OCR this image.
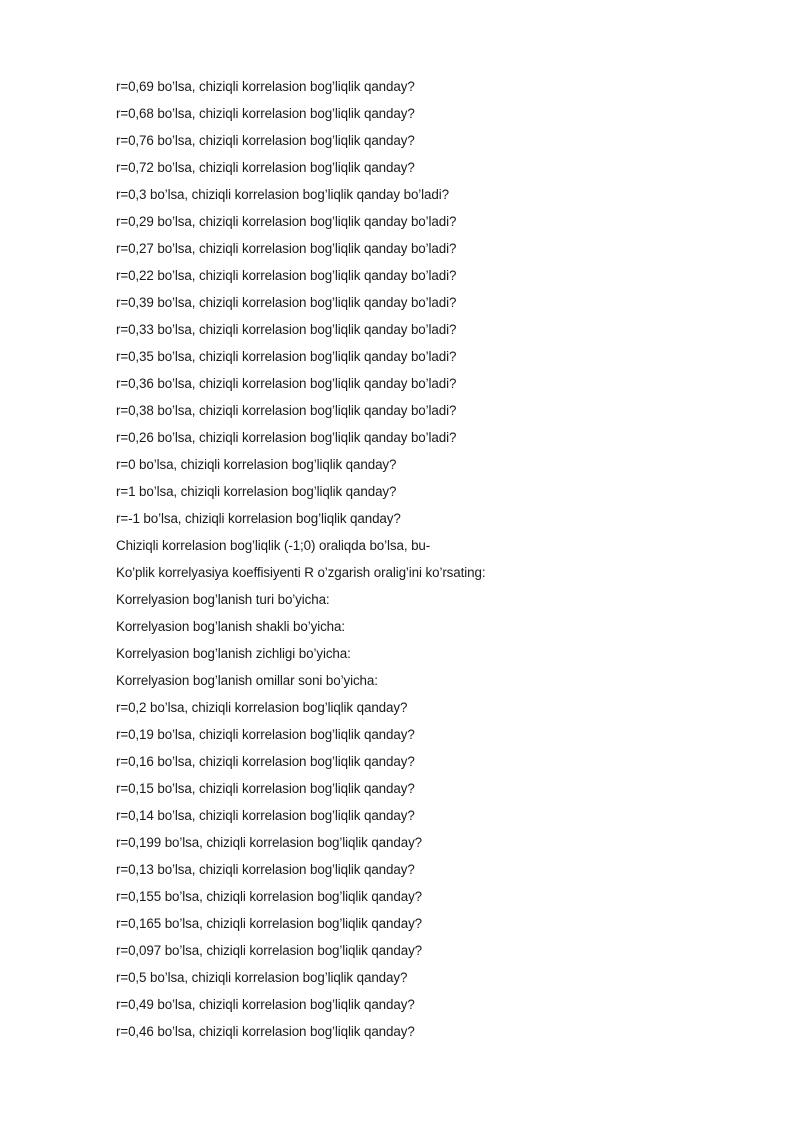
r=0,69 bo’lsa, chiziqli korrelasion bog’liqlik qanday?
r=0,68 bo’lsa, chiziqli korrelasion bog’liqlik qanday?
r=0,76 bo’lsa, chiziqli korrelasion bog’liqlik qanday?
r=0,72 bo’lsa, chiziqli korrelasion bog’liqlik qanday?
r=0,3 bo’lsa, chiziqli korrelasion bog’liqlik qanday bo’ladi?
r=0,29 bo’lsa, chiziqli korrelasion bog’liqlik qanday bo’ladi?
r=0,27 bo’lsa, chiziqli korrelasion bog’liqlik qanday bo’ladi?
r=0,22 bo’lsa, chiziqli korrelasion bog’liqlik qanday bo’ladi?
r=0,39 bo’lsa, chiziqli korrelasion bog’liqlik qanday bo’ladi?
r=0,33 bo’lsa, chiziqli korrelasion bog’liqlik qanday bo’ladi?
r=0,35 bo’lsa, chiziqli korrelasion bog’liqlik qanday bo’ladi?
r=0,36 bo’lsa, chiziqli korrelasion bog’liqlik qanday bo’ladi?
r=0,38 bo’lsa, chiziqli korrelasion bog’liqlik qanday bo’ladi?
r=0,26 bo’lsa, chiziqli korrelasion bog’liqlik qanday bo’ladi?
r=0 bo’lsa, chiziqli korrelasion bog’liqlik qanday?
r=1 bo’lsa, chiziqli korrelasion bog’liqlik qanday?
r=-1 bo’lsa, chiziqli korrelasion bog’liqlik qanday?
Chiziqli korrelasion bog’liqlik (-1;0) oraliqda bo’lsa, bu-
Ko’plik korrelyasiya koeffisiyenti R o’zgarish oralig’ini ko’rsating:
Korrelyasion bog’lanish turi bo’yicha:
Korrelyasion bog’lanish shakli bo’yicha:
Korrelyasion bog’lanish zichligi bo’yicha:
Korrelyasion bog’lanish omillar soni bo’yicha:
r=0,2 bo’lsa, chiziqli korrelasion bog’liqlik qanday?
r=0,19 bo’lsa, chiziqli korrelasion bog’liqlik qanday?
r=0,16 bo’lsa, chiziqli korrelasion bog’liqlik qanday?
r=0,15 bo’lsa, chiziqli korrelasion bog’liqlik qanday?
r=0,14 bo’lsa, chiziqli korrelasion bog’liqlik qanday?
r=0,199 bo’lsa, chiziqli korrelasion bog’liqlik qanday?
r=0,13 bo’lsa, chiziqli korrelasion bog’liqlik qanday?
r=0,155 bo’lsa, chiziqli korrelasion bog’liqlik qanday?
r=0,165 bo’lsa, chiziqli korrelasion bog’liqlik qanday?
r=0,097 bo’lsa, chiziqli korrelasion bog’liqlik qanday?
r=0,5 bo’lsa, chiziqli korrelasion bog’liqlik qanday?
r=0,49 bo’lsa, chiziqli korrelasion bog’liqlik qanday?
r=0,46 bo’lsa, chiziqli korrelasion bog’liqlik qanday?
